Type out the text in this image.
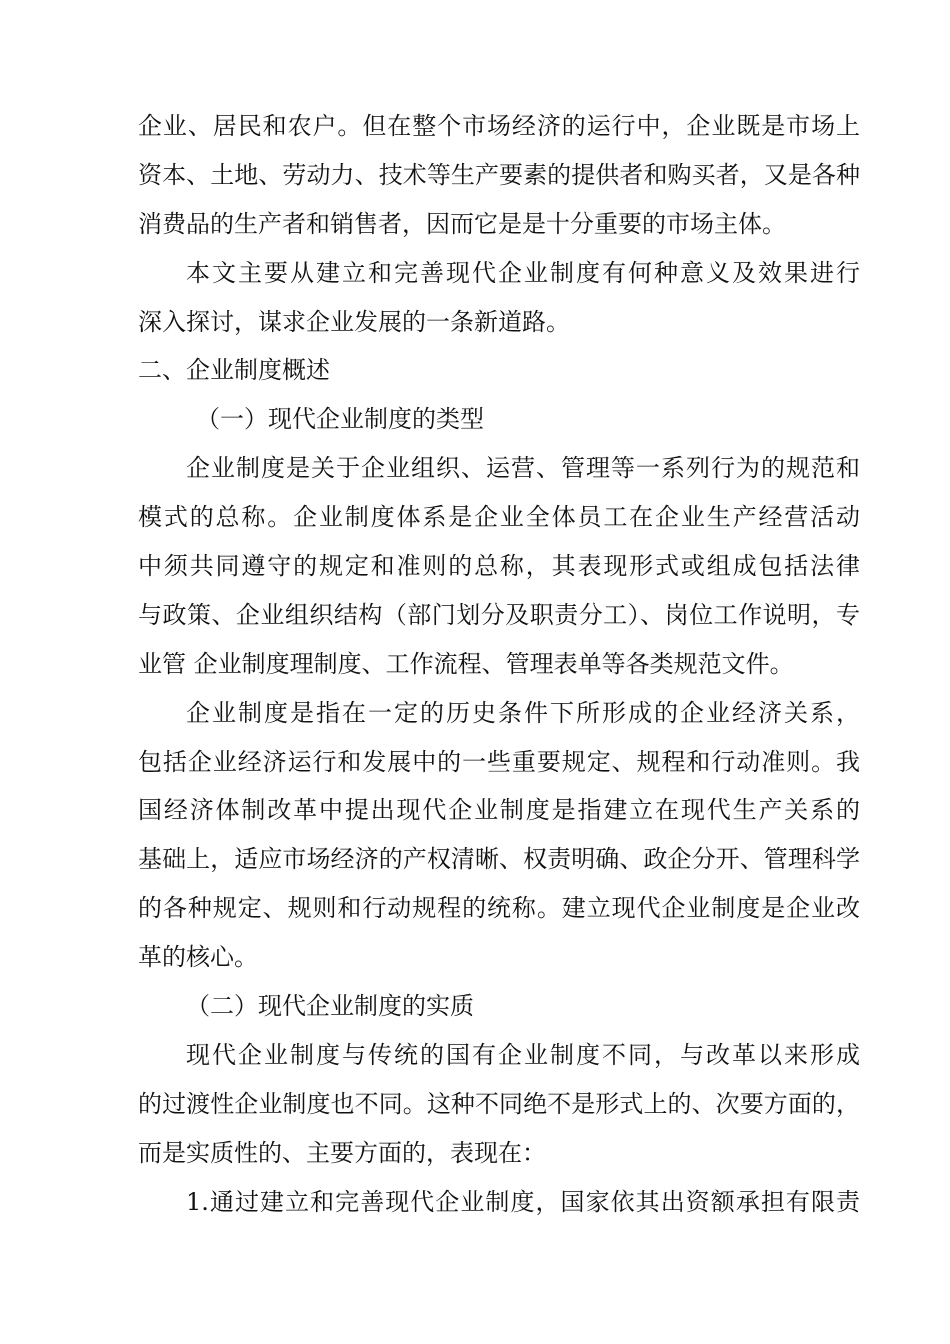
企业、居民和农户。但在整个市场经济的运行中，企业既是市场上
资本、土地、劳动力、技术等生产要素的提供者和购买者，又是各种
消费品的生产者和销售者，因而它是是十分重要的市场主体。
本文主要从建立和完善现代企业制度有何种意义及效果进行
深入探讨，谋求企业发展的一条新道路。
二、企业制度概述
（一）现代企业制度的类型
企业制度是关于企业组织、运营、管理等一系列行为的规范和
模式的总称。企业制度体系是企业全体员工在企业生产经营活动
中须共同遵守的规定和准则的总称，其表现形式或组成包括法律
与政策、企业组织结构（部门划分及职责分工）、岗位工作说明，专
业管 企业制度理制度、工作流程、管理表单等各类规范文件。
企业制度是指在一定的历史条件下所形成的企业经济关系，
包括企业经济运行和发展中的一些重要规定、规程和行动准则。我
国经济体制改革中提出现代企业制度是指建立在现代生产关系的
基础上，适应市场经济的产权清晰、权责明确、政企分开、管理科学
的各种规定、规则和行动规程的统称。建立现代企业制度是企业改
革的核心。
（二）现代企业制度的实质
现代企业制度与传统的国有企业制度不同，与改革以来形成
的过渡性企业制度也不同。这种不同绝不是形式上的、次要方面的，
而是实质性的、主要方面的，表现在：
1.通过建立和完善现代企业制度，国家依其出资额承担有限责
